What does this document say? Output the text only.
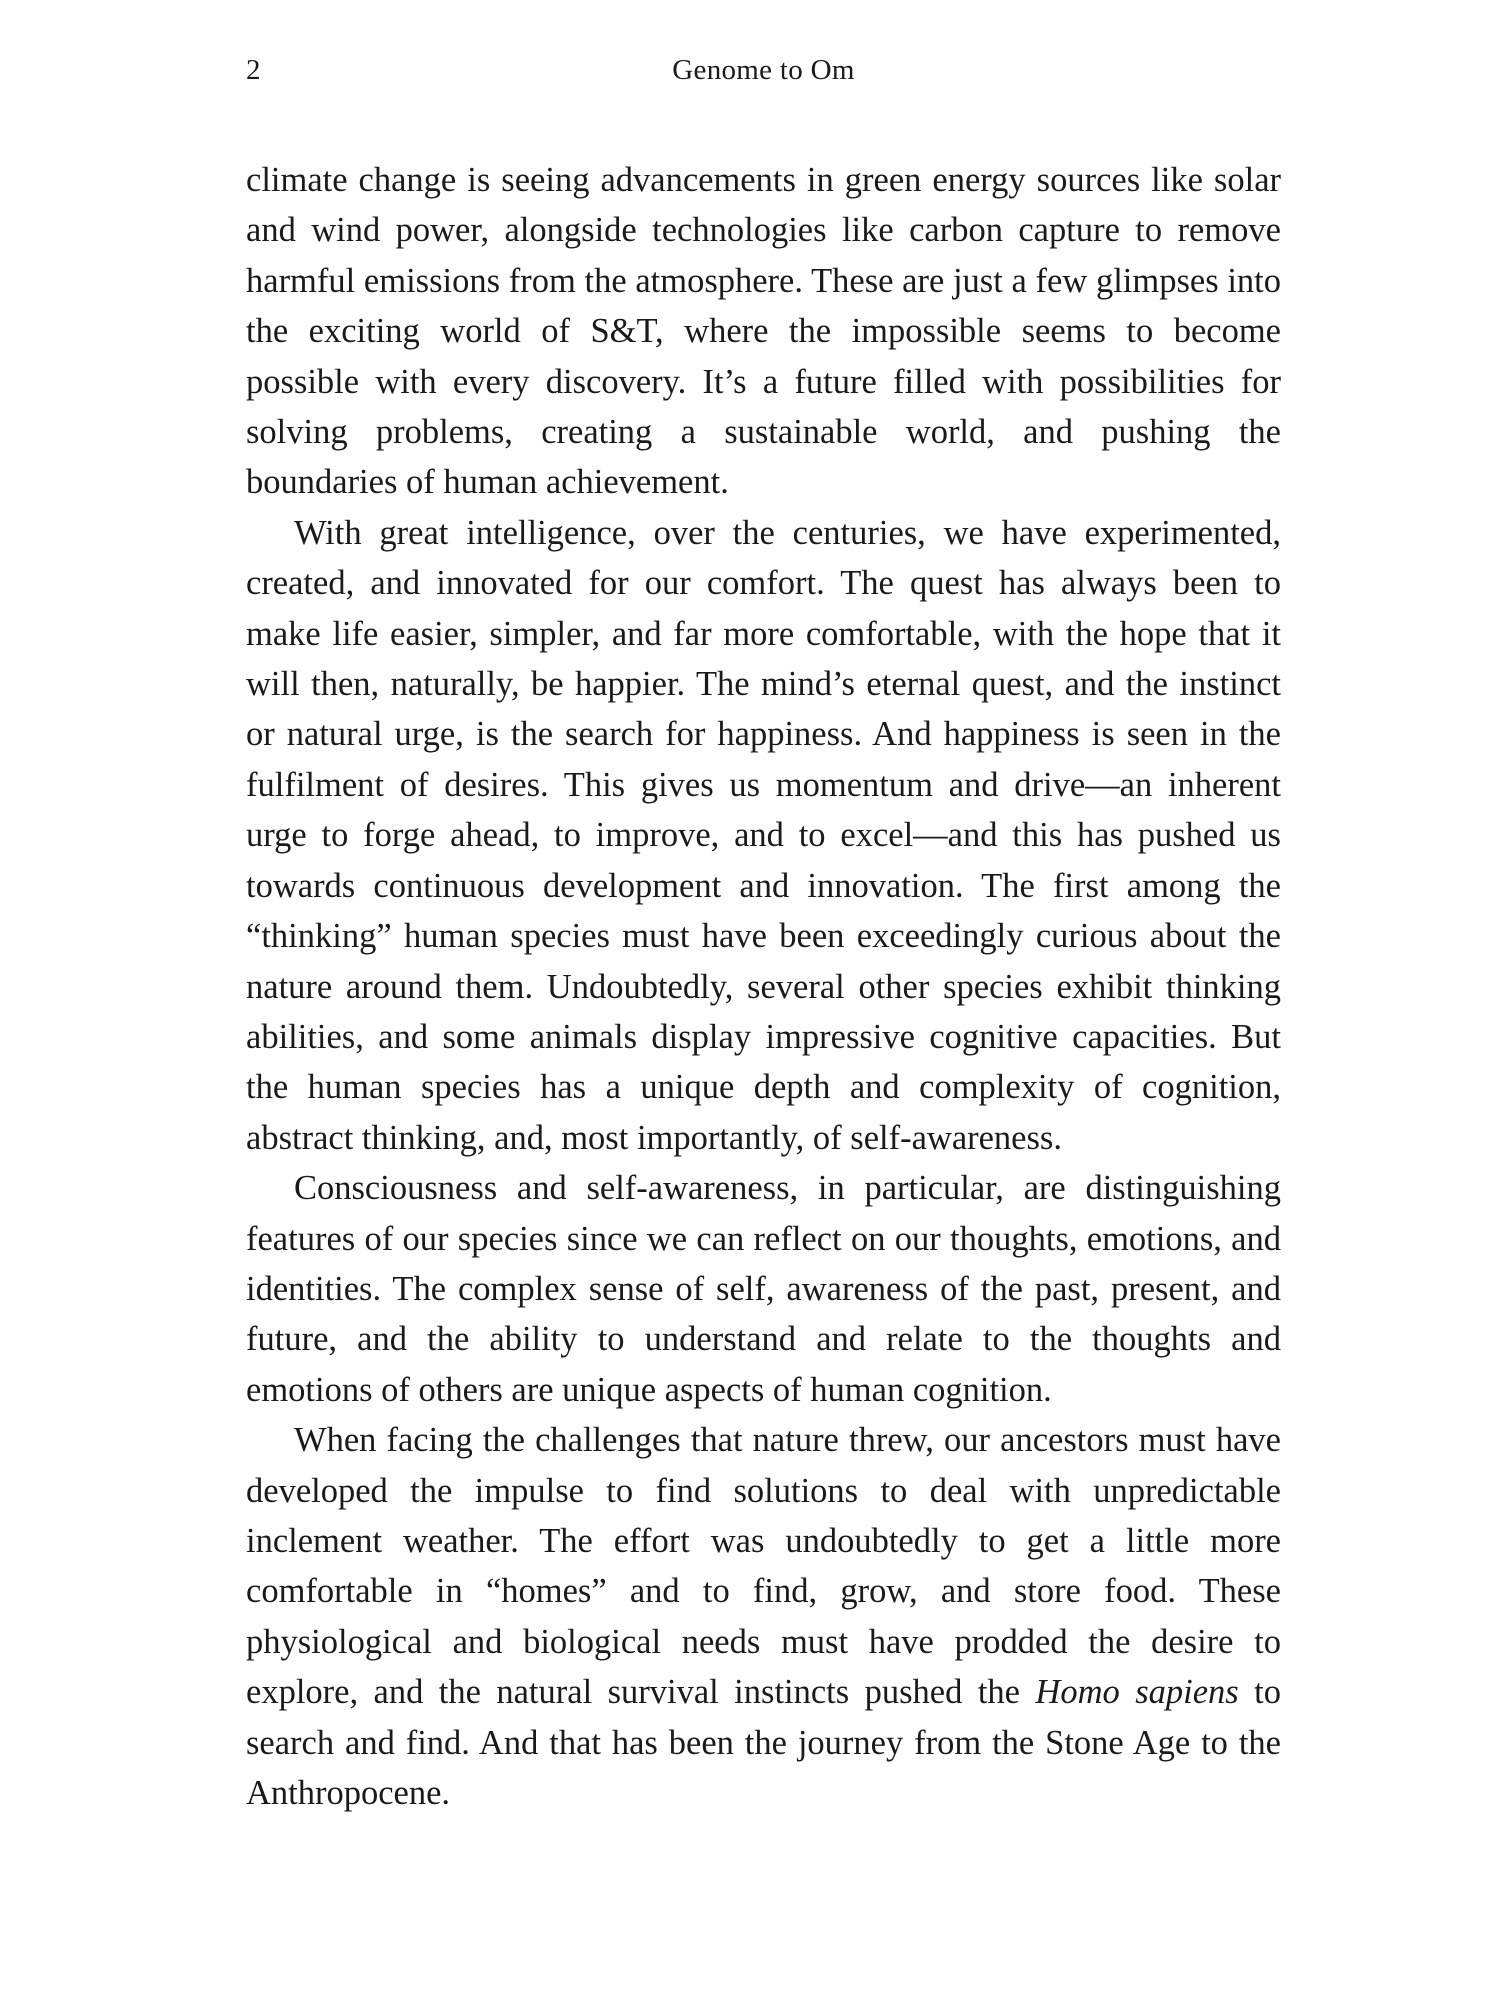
2	Genome to Om

climate change is seeing advancements in green energy sources like solar and wind power, alongside technologies like carbon capture to remove harmful emissions from the atmosphere. These are just a few glimpses into the exciting world of S&T, where the impossible seems to become possible with every discovery. It’s a future filled with possibilities for solving problems, creating a sustainable world, and pushing the boundaries of human achievement.

With great intelligence, over the centuries, we have experimented, created, and innovated for our comfort. The quest has always been to make life easier, simpler, and far more comfortable, with the hope that it will then, naturally, be happier. The mind’s eternal quest, and the instinct or natural urge, is the search for happiness. And happiness is seen in the fulfilment of desires. This gives us momentum and drive—an inherent urge to forge ahead, to improve, and to excel—and this has pushed us towards continuous development and innovation. The first among the “thinking” human species must have been exceedingly curious about the nature around them. Undoubtedly, several other species exhibit thinking abilities, and some animals display impressive cognitive capacities. But the human species has a unique depth and complexity of cognition, abstract thinking, and, most importantly, of self-awareness.

Consciousness and self-awareness, in particular, are distinguishing features of our species since we can reflect on our thoughts, emotions, and identities. The complex sense of self, awareness of the past, present, and future, and the ability to understand and relate to the thoughts and emotions of others are unique aspects of human cognition.

When facing the challenges that nature threw, our ancestors must have developed the impulse to find solutions to deal with unpredictable inclement weather. The effort was undoubtedly to get a little more comfortable in “homes” and to find, grow, and store food. These physiological and biological needs must have prodded the desire to explore, and the natural survival instincts pushed the Homo sapiens to search and find. And that has been the journey from the Stone Age to the Anthropocene.
